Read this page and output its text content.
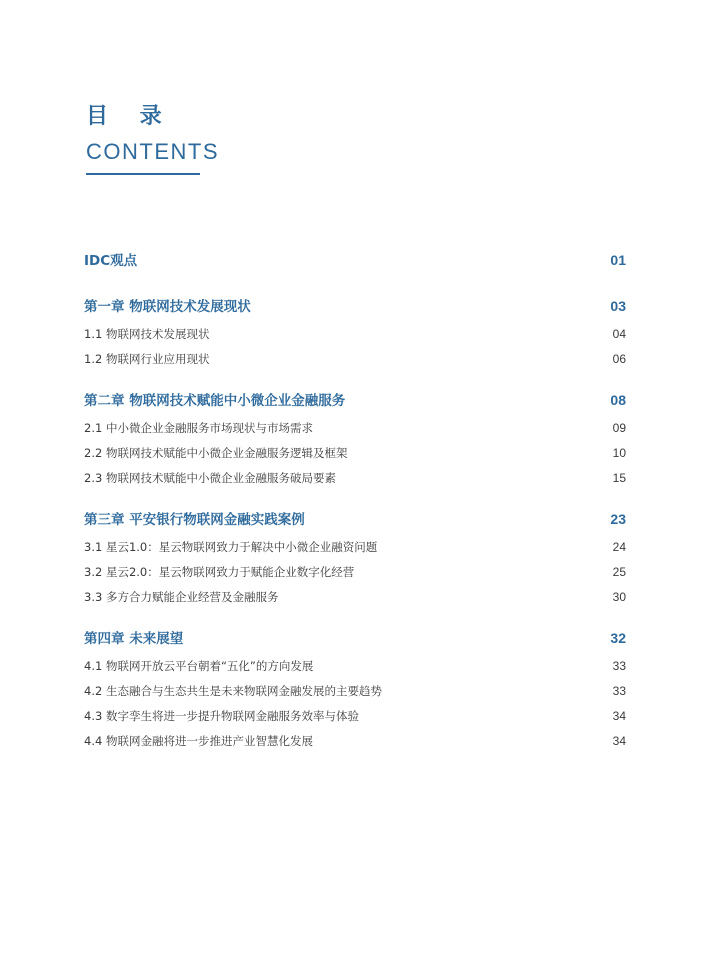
目 录
CONTENTS
IDC观点	01
第一章 物联网技术发展现状	03
1.1 物联网技术发展现状	04
1.2 物联网行业应用现状	06
第二章 物联网技术赋能中小微企业金融服务	08
2.1 中小微企业金融服务市场现状与市场需求	09
2.2 物联网技术赋能中小微企业金融服务逻辑及框架	10
2.3 物联网技术赋能中小微企业金融服务破局要素	15
第三章 平安银行物联网金融实践案例	23
3.1 星云1.0：星云物联网致力于解决中小微企业融资问题	24
3.2 星云2.0：星云物联网致力于赋能企业数字化经营	25
3.3 多方合力赋能企业经营及金融服务	30
第四章 未来展望	32
4.1 物联网开放云平台朝着“五化”的方向发展	33
4.2 生态融合与生态共生是未来物联网金融发展的主要趋势	33
4.3 数字孪生将进一步提升物联网金融服务效率与体验	34
4.4 物联网金融将进一步推进产业智慧化发展	34
